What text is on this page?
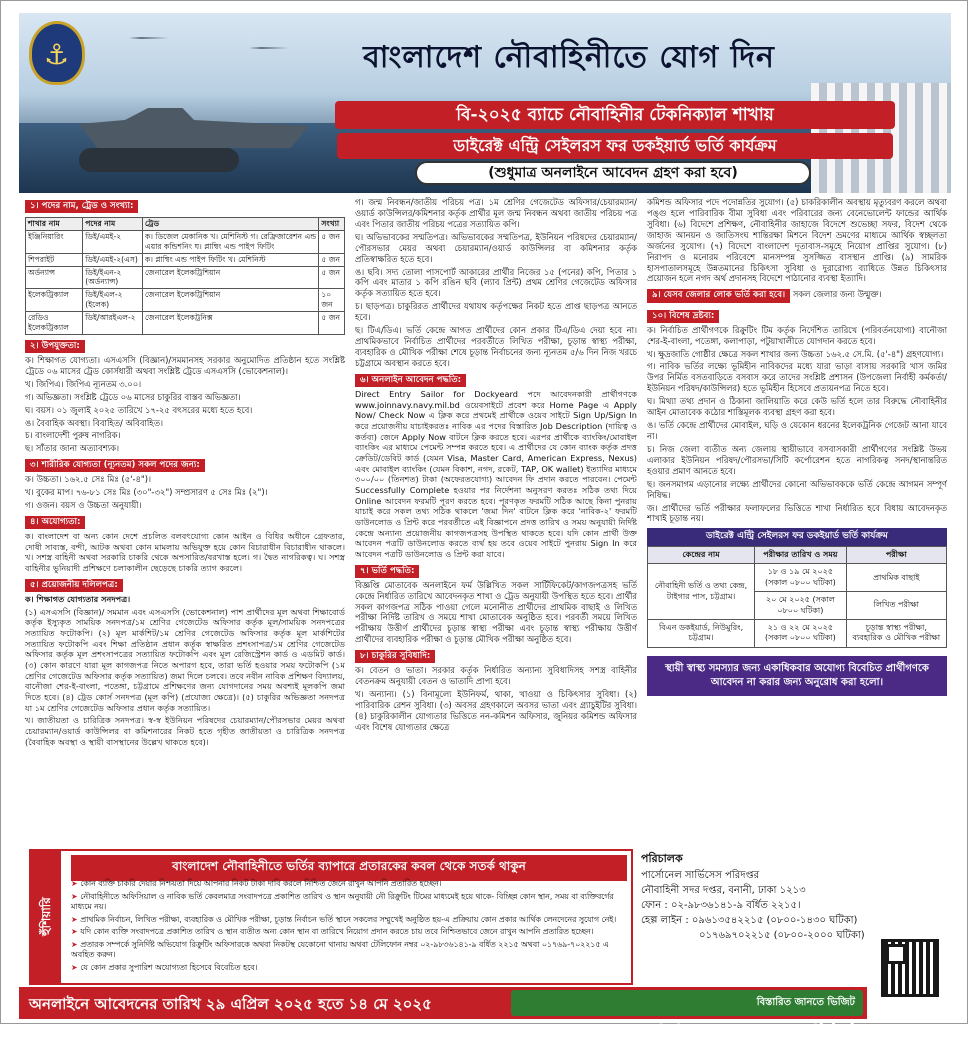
⚓	বাংলাদেশ নৌবাহিনীতে যোগ দিন
বি-২০২৫ ব্যাচে নৌবাহিনীর টেকনিক্যাল শাখায়
ডাইরেক্ট এন্ট্রি সেইলরস ফর ডকইয়ার্ড ভর্তি কার্যক্রম
(শুধুমাত্র অনলাইনে আবেদন গ্রহণ করা হবে)
১। পদের নাম, ট্রেড ও সংখ্যা:
শাখার নাম	পদের নাম	ট্রেড	সংখ্যা
ইঞ্জিনিয়ারিং	ডিই/এমই-২	ক। ডিজেল মেকানিক খ। মেশিনিস্ট গ। রেফ্রিজারেশন এন্ড এয়ার কন্ডিশনিং ঘ। প্লাম্বিং এন্ড পাইপ ফিটিং	৫ জন
শিপরাইট	ডিই/এমই-২(এস)	ক। প্লাম্বিং এন্ড পাইপ ফিটিং খ। মেশিনিস্ট	৫ জন
অর্ডন্যান্স	ডিই/ইএন-২ (অর্ডন্যান্স)	জেনারেল ইলেকট্রিশিয়ান	৫ জন
ইলেকট্রিক্যাল	ডিই/ইএল-২ (ইলেক)	জেনারেল ইলেকট্রিশিয়ান	১০ জন
রেডিও ইলেকট্রিক্যাল	ডিই/আরইএল-২	জেনারেল ইলেকট্রনিক্স	৫ জন
২। উপযুক্ততা:
ক। শিক্ষাগত যোগ্যতা। এসএসসি (বিজ্ঞান)/সমমানসহ সরকার অনুমোদিত প্রতিষ্ঠান হতে সংশ্লিষ্ট ট্রেডে ০৬ মাসের ট্রেড কোর্সধারী অথবা সংশ্লিষ্ট ট্রেডে এসএসসি (ভোকেশনাল)।
খ। জিপিএ। জিপিএ ন্যূনতম ৩.০০।
গ। অভিজ্ঞতা। সংশ্লিষ্ট ট্রেডে ০৬ মাসের চাকুরির বাস্তব অভিজ্ঞতা।
ঘ। বয়স। ০১ জুলাই ২০২৫ তারিখে ১৭-২৫ বৎসরের মধ্যে হতে হবে।
ঙ। বৈবাহিক অবস্থা। বিবাহিত/ অবিবাহিত।
চ। বাংলাদেশী পুরুষ নাগরিক।
ছ। সাঁতার জানা অত্যাবশ্যক।
৩। শারীরিক যোগ্যতা (ন্যূনতম) সকল পদের জন্য:
ক। উচ্চতা। ১৬২.৫ সেঃ মিঃ (৫'-৪")।
খ। বুকের মাপ। ৭৬-৮১ সেঃ মিঃ (৩০"-৩২") সম্প্রসারণ ৫ সেঃ মিঃ (২")।
গ। ওজন। বয়স ও উচ্চতা অনুযায়ী।
৪। অযোগ্যতা:
ক। বাংলাদেশ বা অন্য কোন দেশে প্রচলিত বলবৎযোগ্য কোন আইন ও বিধির অধীনে গ্রেফতার, দোষী সাব্যস্ত, বন্দী, আটক অথবা কোন মামলায় অভিযুক্ত হয়ে কোন বিচারাধীন বিচারাধীন থাকলে। খ। সশস্ত্র বাহিনী অথবা সরকারি চাকরি থেকে অপসারিত/বরখাস্ত হলে। গ। দ্বৈত নাগরিকত্ব। ঘ। সশস্ত্র বাহিনীর ভুনিয়াদী প্রশিক্ষণে চলাকালীন ছেড়েছে চাকরি ত্যাগ করলে।
৫। প্রয়োজনীয় দলিলপত্র:
ক। শিক্ষাগত যোগ্যতার সনদপত্র।
(১) এসএসসি (বিজ্ঞান)/ সমমান এবং এসএসসি (ভোকেশনাল) পাশ প্রার্থীদের মূল অথবা শিক্ষাবোর্ড কর্তৃক ইস্যুকৃত সাময়িক সনদপত্র/১ম শ্রেণির গেজেটেড অফিসার কর্তৃক মূল/সাময়িক সনদপত্রের সত্যায়িত ফটোকপি। (২) মূল মার্কশিট/১ম শ্রেণির গেজেটেড অফিসার কর্তৃক মূল মার্কশিটের সত্যায়িত ফটোকপি এবং শিক্ষা প্রতিষ্ঠান প্রধান কর্তৃক স্বাক্ষরিত প্রশংসাপত্র/১ম শ্রেণির গেজেটেড অফিসার কর্তৃক মূল প্রশংসাপত্রের সত্যায়িত ফটোকপি এবং মূল রেজিস্ট্রেশন কার্ড ও এডমিট কার্ড। (৩) কোন কারণে যারা মূল কাগজপত্র নিতে অপারগ হবে, তারা ভর্তি হওয়ার সময় ফটোকপি (১ম শ্রেণির গেজেটেড অফিসার কর্তৃক সত্যায়িত) জমা দিলে চলবে। তবে নবীন নাবিক প্রশিক্ষণ বিদ্যালয়, বানৌজা শের-ই-বাংলা, পতেঙ্গা, চট্টগ্রামে প্রশিক্ষণের জন্য যোগদানের সময় অবশ্যই মূলকপি জমা দিতে হবে। (৪) ট্রেড কোর্স সনদপত্র (মূল কপি) (প্রযোজ্য ক্ষেত্রে)। (৫) চাকুরির অভিজ্ঞতা সনদপত্র যা ১ম শ্রেণির গেজেটেড অফিসার প্রধান কর্তৃক সত্যায়িত।
খ। জাতীয়তা ও চারিত্রিক সনদপত্র। স্ব-স্ব ইউনিয়ন পরিষদের চেয়ারম্যান/পৌরসভার মেয়র অথবা চেয়ারম্যান/ওয়ার্ড কাউন্সিলর বা কমিশনারের নিকট হতে গৃহীত জাতীয়তা ও চারিত্রিক সনদপত্র (বৈবাহিক অবস্থা ও স্থায়ী বাসস্থানের উল্লেখ থাকতে হবে)।
গ। জন্ম নিবন্ধন/জাতীয় পরিচয় পত্র। ১ম শ্রেণির গেজেটেড অফিসার/চেয়ারম্যান/ওয়ার্ড কাউন্সিলর/কমিশনার কর্তৃক প্রার্থীর মূল জন্ম নিবন্ধন অথবা জাতীয় পরিচয় পত্র এবং পিতার জাতীয় পরিচয় পত্রের সত্যায়িত কপি।
ঘ। অভিভাবকের সম্মতিপত্র। অভিভাবকের সম্মতিপত্র, ইউনিয়ন পরিষদের চেয়ারম্যান/পৌরসভার মেয়র অথবা চেয়ারম্যান/ওয়ার্ড কাউন্সিলর বা কমিশনার কর্তৃক প্রতিস্বাক্ষরিত হতে হবে।
ঙ। ছবি। সদ্য তোলা পাসপোর্ট আকারের প্রার্থীর নিজের ১৫ (পনের) কপি, পিতার ১ কপি এবং মাতার ১ কপি রঙিন ছবি (ল্যাব প্রিন্ট) প্রথম শ্রেণির গেজেটেড অফিসার কর্তৃক সত্যায়িত হতে হবে।
চ। ছাড়পত্র। চাকুরিরত প্রার্থীদের যথাযথ কর্তৃপক্ষের নিকট হতে প্রাপ্ত ছাড়পত্র আনতে হবে।
ছ। টিএ/ডিএ। ভর্তি কেন্দ্রে আগত প্রার্থীদের কোন প্রকার টিএ/ডিএ দেয়া হবে না। প্রাথমিকভাবে নির্বাচিত প্রার্থীদের পরবর্তীতে লিখিত পরীক্ষা, চূড়ান্ত স্বাস্থ্য পরীক্ষা, ব্যবহারিক ও মৌখিক পরীক্ষা শেষে চূড়ান্ত নির্বাচনের জন্য ন্যূনতম ৫/৬ দিন নিজ খরচে চট্টগ্রামে অবস্থান করতে হবে।
৬। অনলাইন আবেদন পদ্ধতি:
Direct Entry Sailor for Dockyeard পদে আবেদনকারী প্রার্থীগণকে www.joinnavy.navy.mil.bd ওয়েবসাইটে প্রবেশ করে Home Page এ Apply Now/ Check Now এ ক্লিক করে প্রথমেই প্রার্থীকে ওয়েব সাইটে Sign Up/Sign In করে প্রয়োজনীয় যাচাইকরতঃ নাবিক এর পদের বিস্তারিত Job Description (দায়িত্ব ও কর্তব্য) জেনে Apply Now বাটনে ক্লিক করতে হবে। এরপর প্রার্থীকে ব্যাংকিং/মোবাইল ব্যাংকিং এর মাধ্যমে পেমেন্ট সম্পন্ন করতে হবে। এ প্রার্থীদের যে কোন ব্যাংক কর্তৃক প্রদত্ত ক্রেডিট/ডেবিট কার্ড (যেমন Visa, Master Card, American Express, Nexus) এবং মোবাইল ব্যাংকিং (যেমন বিকাশ, নগদ, রকেট, TAP, OK wallet) ইত্যাদির মাধ্যমে ৩০০/০০ (তিনশত) টাকা (অফেরতযোগ্য) আবেদন ফি প্রদান করতে পারবেন। পেমেন্ট Successfully Complete হওয়ার পর নির্দেশনা অনুসরণ করতঃ সঠিক তথ্য দিয়ে Online আবেদন ফরমটি পূরণ করতে হবে। পূরণকৃত ফরমটি সঠিক আছে কিনা পুনরায় যাচাই করে সকল তথ্য সঠিক থাকলে 'জমা দিন' বাটনে ক্লিক করে 'নাবিক-২' ফরমটি ডাউনলোড ও প্রিন্ট করে পরবর্তীতে এই বিজ্ঞাপনে প্রদত্ত তারিখ ও সময় অনুযায়ী নির্দিষ্ট কেন্দ্রে অন্যান্য প্রয়োজনীয় কাগজপত্রসহ উপস্থিত থাকতে হবে। যদি কোন প্রার্থী উক্ত আবেদন পত্রটি ডাউনলোড করতে ব্যর্থ হয় তবে ওয়েব সাইটে পুনরায় Sign In করে আবেদন পত্রটি ডাউনলোড ও প্রিন্ট করা যাবে।
৭। ভর্তি পদ্ধতি:
বিজ্ঞপ্তি মোতাবেক অনলাইনে ফর্ম উল্লিখিত সকল সার্টিফিকেট/কাগজপত্রসহ ভর্তি কেন্দ্রে নির্ধারিত তারিখে আবেদনকৃত শাখা ও ট্রেড অনুযায়ী উপস্থিত হতে হবে। প্রার্থীর সকল কাগজপত্র সঠিক পাওয়া গেলে মনোনীত প্রার্থীদের প্রাথমিক বাছাই ও লিখিত পরীক্ষা নির্দিষ্ট তারিখ ও সময়ে শাখা মোতাবেক অনুষ্ঠিত হবে। পরবর্তী সময়ে লিখিত পরীক্ষায় উত্তীর্ণ প্রার্থীদের চূড়ান্ত স্বাস্থ্য পরীক্ষা এবং চূড়ান্ত স্বাস্থ্য পরীক্ষায় উত্তীর্ণ প্রার্থীদের ব্যবহারিক পরীক্ষা ও চূড়ান্ত মৌখিক পরীক্ষা অনুষ্ঠিত হবে।
৮। চাকুরির সুবিধাদি:
ক। বেতন ও ভাতা। সরকার কর্তৃক নির্ধারিত অন্যান্য সুবিধাদিসহ সশস্ত্র বাহিনীর বেতনক্রম অনুযায়ী বেতন ও ভাতাদি প্রাপ্য হবে।
খ। অন্যান্য। (১) বিনামূল্যে ইউনিফর্ম, থাকা, খাওয়া ও চিকিৎসার সুবিধা। (২) পারিবারিক রেশন সুবিধা। (৩) অবসর গ্রহণকালে অবসর ভাতা এবং গ্র্যাচুইটির সুবিধা। (৪) চাকুরিকালীন যোগ্যতার ভিত্তিতে নন-কমিশন অফিসার, জুনিয়র কমিশন্ড অফিসার এবং বিশেষ যোগ্যতার ক্ষেত্রে
কমিশন্ড অফিসার পদে পদোন্নতির সুযোগ। (৫) চাকরিকালীন অবস্থায় মৃত্যুবরণ করলে অথবা পঙ্গু হলে পারিবারিক বীমা সুবিধা এবং পরিবারের জন্য বেনেভোলেন্ট ফান্ডের আর্থিক সুবিধা। (৬) বিদেশে প্রশিক্ষণ, নৌবাহিনীর জাহাজে বিদেশে শুভেচ্ছা সফর, বিদেশ থেকে জাহাজ আনয়ন ও জাতিসংঘ শান্তিরক্ষা মিশনে বিদেশ ভ্রমণের মাধ্যমে আর্থিক স্বচ্ছলতা অর্জনের সুযোগ। (৭) বিদেশে বাংলাদেশ দূতাবাস-সমূহে নিয়োগ প্রাপ্তির সুযোগ। (৮) নিরাপদ ও মনোরম পরিবেশে মানসম্পন্ন সুসজ্জিত বাসস্থান প্রাপ্তি। (৯) সামরিক হাসপাতালসমূহে উন্নতমানের চিকিৎসা সুবিধা ও দুরারোগ্য ব্যাধিতে উন্নত চিকিৎসার প্রয়োজন হলে নগদ অর্থ প্রদানসহ বিদেশে পাঠানোর ব্যবস্থা ইত্যাদি।
৯। যেসব জেলার লোক ভর্তি করা হবে। সকল জেলার জন্য উন্মুক্ত।
১০। বিশেষ দ্রষ্টব্য:
ক। নির্বাচিত প্রার্থীগণকে রিক্রুটিং টিম কর্তৃক নির্দেশিত তারিখে (পরিবর্তনযোগ্য) বানৌজা শের-ই-বাংলা, পতেঙ্গা, কলাপাড়া, পটুয়াখালীতে যোগদান করতে হবে।
খ। ক্ষুদ্রজাতি গোষ্ঠীর ক্ষেত্রে সকল শাখার জন্য উচ্চতা ১৬২.৫ সে.মি. (৫'-৪") গ্রহণযোগ্য।
গ। নাবিক ভর্তির লক্ষ্যে ভূমিহীন নাবিকদের মধ্যে যারা ভাড়া বাসায় সরকারি খাস জমির উপর নির্মিত বসতবাড়িতে বসবাস করে তাদের সংশ্লিষ্ট প্রশাসন (উপজেলা নির্বাহী কর্মকর্তা/ইউনিয়ন পরিষদ/কাউন্সিলর) হতে ভূমিহীন হিসেবে প্রত্যয়নপত্র নিতে হবে।
ঘ। মিথ্যা তথ্য প্রদান ও ঠিকানা জালিয়াতি করে কেউ ভর্তি হলে তার বিরুদ্ধে নৌবাহিনীর আইন মোতাবেক কঠোর শাস্তিমূলক ব্যবস্থা গ্রহণ করা হবে।
ঙ। ভর্তি কেন্দ্রে প্রার্থীদের মোবাইল, ঘড়ি ও যেকোন ধরনের ইলেকট্রনিক গেজেট আনা যাবে না।
চ। নিজ জেলা ব্যতীত অন্য জেলায় স্থায়ীভাবে বসবাসকারী প্রার্থীগণের সংশ্লিষ্ট উভয় এলাকার ইউনিয়ন পরিষদ/পৌরসভা/সিটি কর্পোরেশন হতে নাগরিকত্ব সনদ/স্থানান্তরিত হওয়ার প্রমাণ আনতে হবে।
ছ। জনসমাগম এড়ানোর লক্ষ্যে প্রার্থীদের কোনো অভিভাবককে ভর্তি কেন্দ্রে আগমন সম্পূর্ণ নিষিদ্ধ।
জ। প্রার্থীদের ভর্তি পরীক্ষার ফলাফলের ভিত্তিতে শাখা নির্ধারিত হবে বিধায় আবেদনকৃত শাখাই চূড়ান্ত নয়।
ডাইরেক্ট এন্ট্রি সেইলরস ফর ডকইয়ার্ড ভর্তি কার্যক্রম
কেন্দ্রের নাম	পরীক্ষার তারিখ ও সময়	পরীক্ষা
নৌবাহিনী ভর্তি ও তথ্য কেন্দ্র, টাইগার পাস, চট্টগ্রাম।	১৮ ও ১৯ মে ২০২৫ (সকাল ০৮০০ ঘটিকা)	প্রাথমিক বাছাই
	২০ মে ২০২৫ (সকাল ০৮০০ ঘটিকা)	লিখিত পরীক্ষা
বিএন ডকইয়ার্ড, নিউমুরিং, চট্টগ্রাম।	২১ ও ২২ মে ২০২৫ (সকাল ০৮০০ ঘটিকা)	চূড়ান্ত স্বাস্থ্য পরীক্ষা, ব্যবহারিক ও মৌখিক পরীক্ষা
স্থায়ী স্বাস্থ্য সমস্যার জন্য একাধিকবার অযোগ্য বিবেচিত প্রার্থীগণকে আবেদন না করার জন্য অনুরোধ করা হলো।
হুঁশিয়ারি
বাংলাদেশ নৌবাহিনীতে ভর্তির ব্যাপারে প্রতারকের কবল থেকে সতর্ক থাকুন
➤ কোন ব্যক্তি চাকরি দেয়ার নিশ্চয়তা দিয়ে আপনার নিকট টাকা দাবি করলে নিশ্চিত জেনে রাখুন আপনি প্রতারিত হচ্ছেন।
➤ নৌবাহিনীতে অফিসিয়াল ও নাবিক ভর্তি কেবলমাত্র সংবাদপত্রে প্রকাশিত তারিখ ও স্থান অনুযায়ী নৌ রিক্রুটিং টিমের মাধ্যমেই হয়ে থাকে- বিচ্ছিন্ন কোন স্থান, সময় বা ব্যক্তিবর্গের মাধ্যমে নয়।
➤ প্রাথমিক নির্বাচন, লিখিত পরীক্ষা, ব্যবহারিক ও মৌখিক পরীক্ষা, চূড়ান্ত নির্বাচন ভর্তি স্থানে সকলের সম্মুখেই অনুষ্ঠিত হয়-এ প্রক্রিয়ায় কোন প্রকার আর্থিক লেনদেনের সুযোগ নেই।
➤ যদি কোন ব্যক্তি সংবাদপত্রে প্রকাশিত তারিখ ও স্থান ব্যতীত অন্য কোন স্থান বা তারিখে নিয়োগ প্রদান করতে চায় তবে নিশ্চিতভাবে জেনে রাখুন আপনি প্রতারিত হচ্ছেন।
➤ প্রতারক সম্পর্কে সুনির্দিষ্ট অভিযোগ রিক্রুটিং অফিসারকে অথবা নিকটস্থ যেকোনো থানায় অথবা টেলিফোন নম্বর ০২-৯৮৩৬১৪১-৯ বর্ধিত ২২১৫ অথবা ০১৭৬৯-৭০২২১৫ এ অবহিত করুন।
➤ যে কোন প্রকার সুপারিশ অযোগ্যতা হিসেবে বিবেচিত হবে।
পরিচালক
পার্সোনেল সার্ভিসেস পরিদপ্তর
নৌবাহিনী সদর দপ্তর, বনানী, ঢাকা ১২১৩
ফোন : ০২-৯৮৩৬১৪১-৯ বর্ধিত ২২১৫।
হেল্প লাইন : ০৯৬১৩৫৪২২১৫ (০৮০০-১৪৩০ ঘটিকা)
০১৭৬৯৭০২২১৫ (০৮০০-২০০০ ঘটিকা)
অনলাইনে আবেদনের তারিখ ২৯ এপ্রিল ২০২৫ হতে ১৪ মে ২০২৫	বিস্তারিত জানতে ভিজিট করুন www.joinnavy.navy.mil.bd
